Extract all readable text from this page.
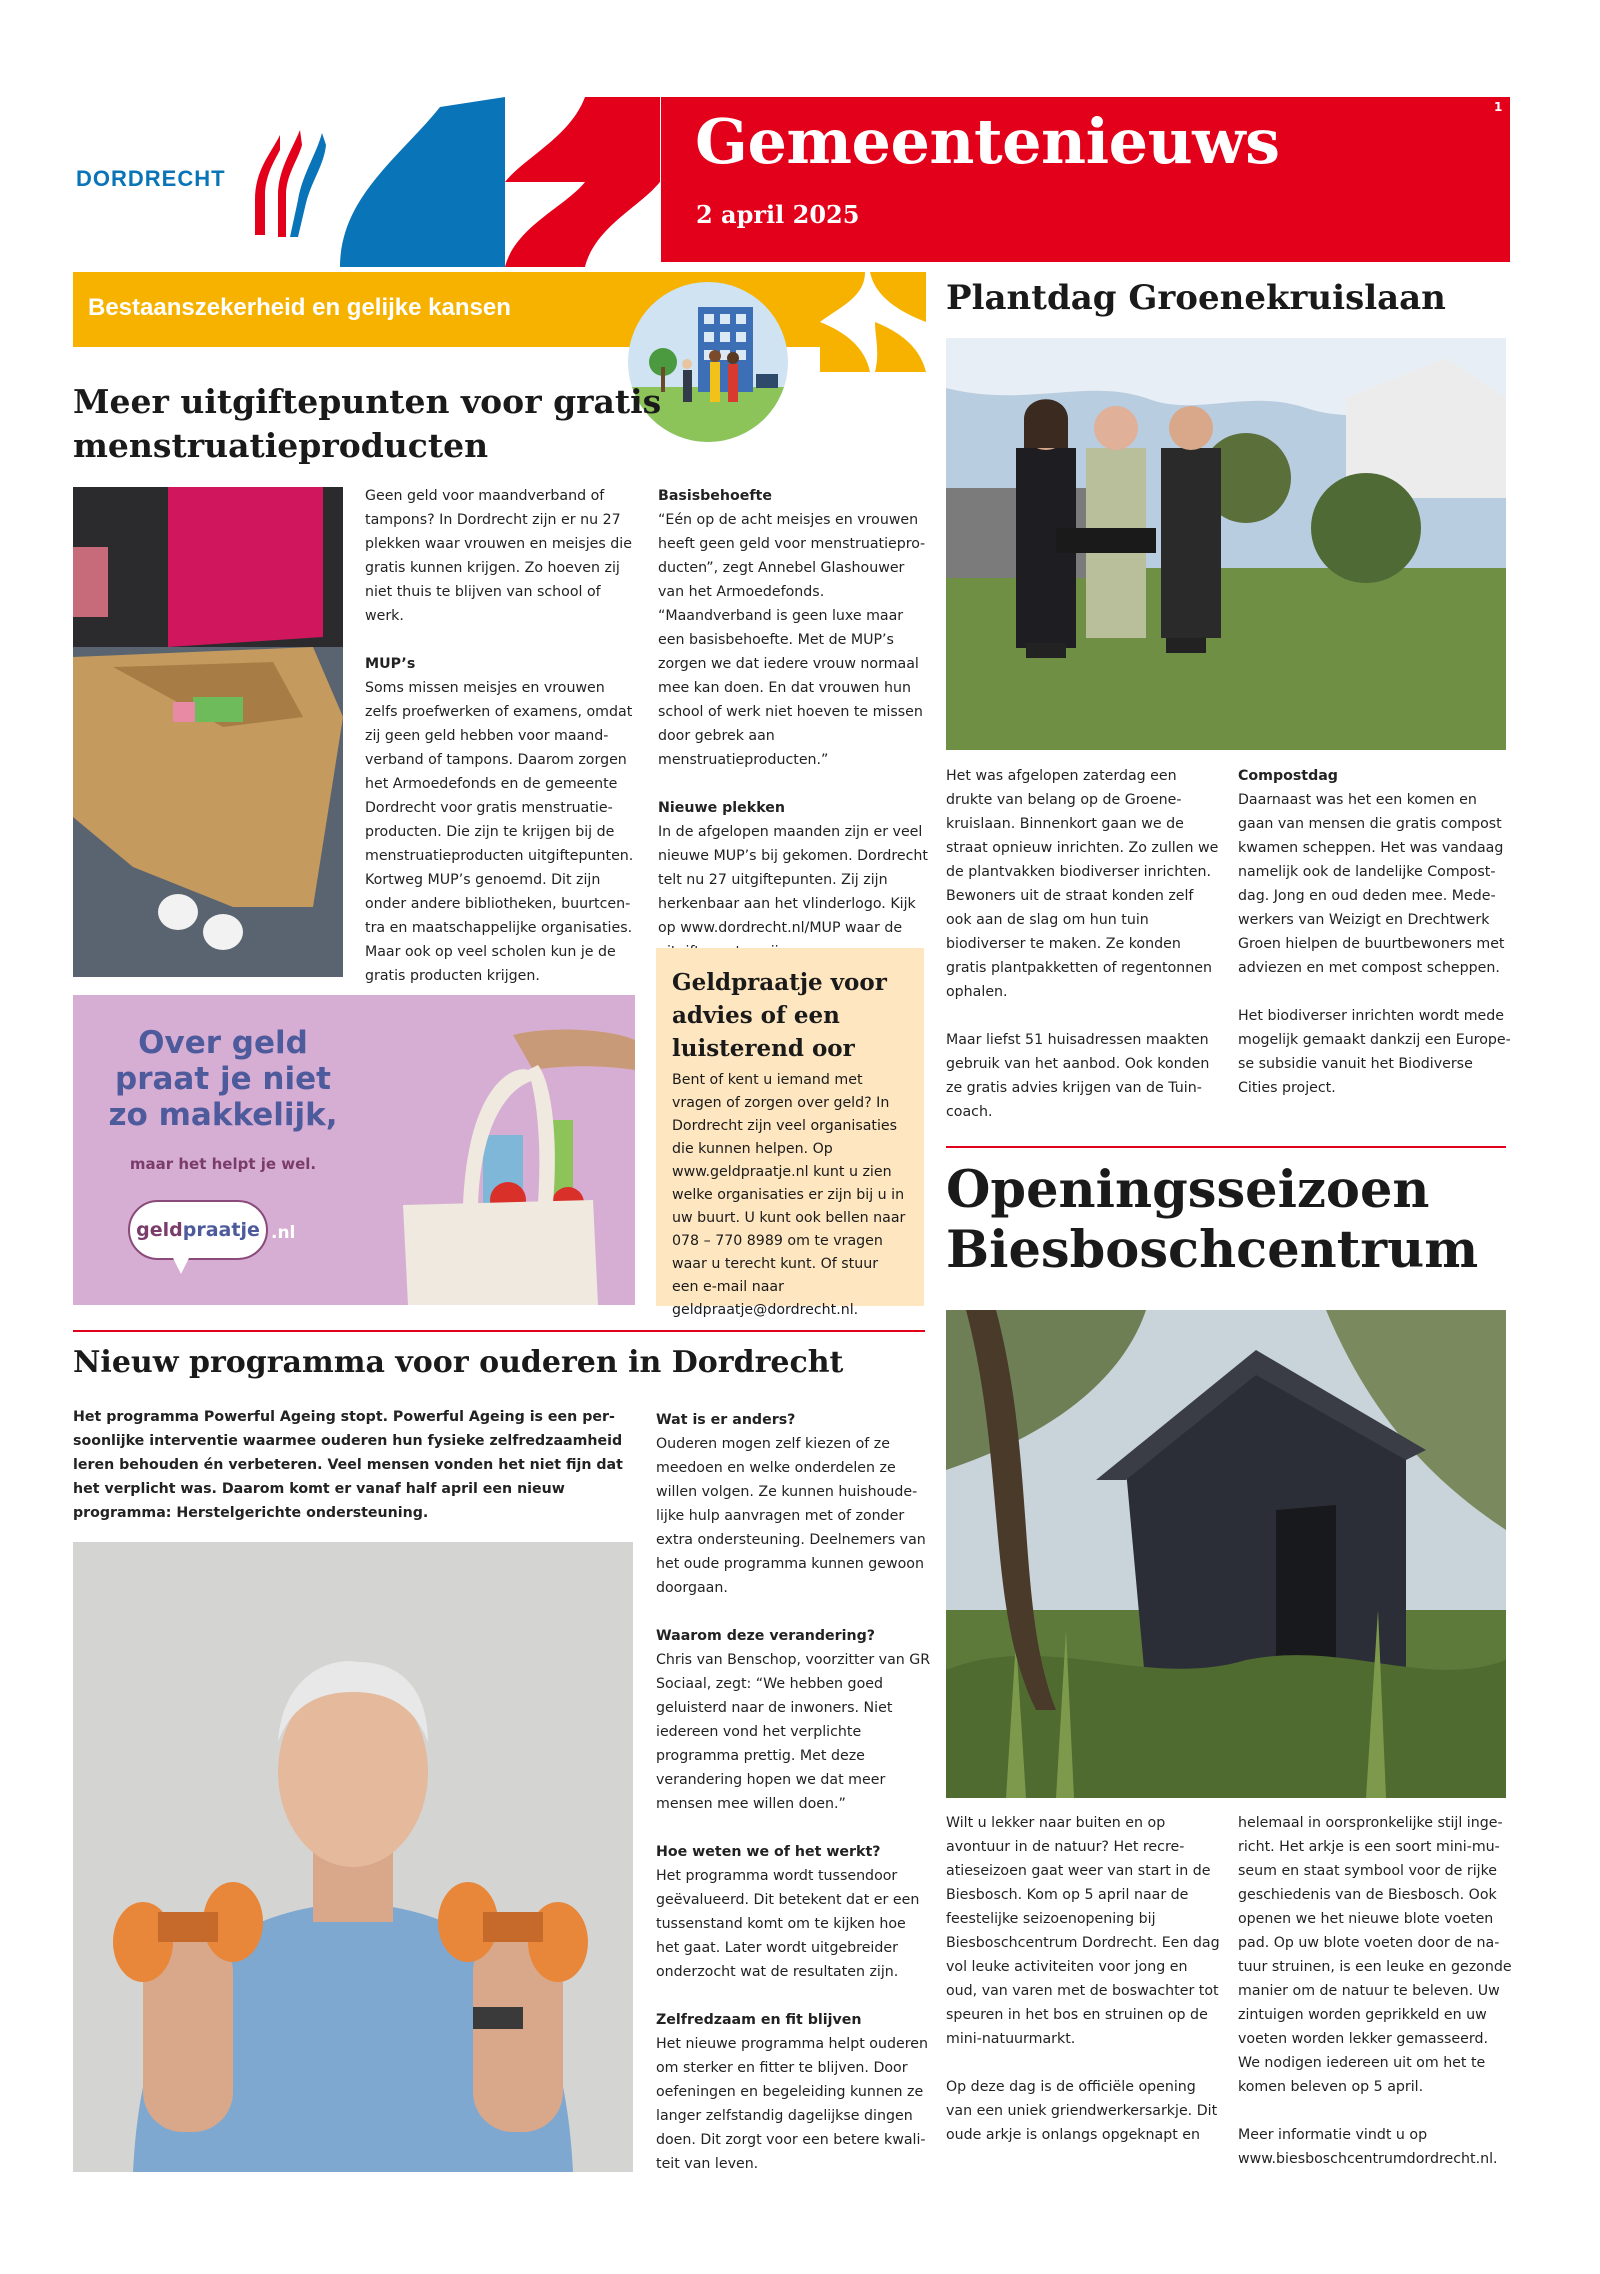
DORDRECHT
Gemeentenieuws
2 april 2025
1
Bestaanszekerheid en gelijke kansen
Meer uitgiftepunten voor gratis menstruatieproducten

Geen geld voor maandverband of tampons? In Dordrecht zijn er nu 27 plekken waar vrouwen en meisjes die gratis kunnen krijgen. Zo hoeven zij niet thuis te blijven van school of werk.

MUP’s
Soms missen meisjes en vrouwen zelfs proefwerken of examens, omdat zij geen geld hebben voor maandverband of tampons. Daarom zorgen het Armoedefonds en de gemeente Dordrecht voor gratis menstruatieproducten. Die zijn te krijgen bij de menstruatieproducten uitgiftepunten. Kortweg MUP’s genoemd. Dit zijn onder andere bibliotheken, buurtcentra en maatschappelijke organisaties. Maar ook op veel scholen kun je de gratis producten krijgen.
Basisbehoefte
“Eén op de acht meisjes en vrouwen heeft geen geld voor menstruatieproducten”, zegt Annebel Glashouwer van het Armoedefonds. “Maandverband is geen luxe maar een basisbehoefte. Met de MUP’s zorgen we dat iedere vrouw normaal mee kan doen. En dat vrouwen hun school of werk niet hoeven te missen door gebrek aan menstruatieproducten.”
Nieuwe plekken
In de afgelopen maanden zijn er veel nieuwe MUP’s bij gekomen. Dordrecht telt nu 27 uitgiftepunten. Zij zijn herkenbaar aan het vlinderlogo. Kijk op www.dordrecht.nl/MUP waar de
Over geld praat je niet zo makkelijk,
maar het helpt je wel.
geldpraatje .nl
Geldpraatje voor advies of een luisterend oor

Bent of kent u iemand met vragen of zorgen over geld? In Dordrecht zijn veel organisaties die kunnen helpen. Op www.geldpraatje.nl kunt u zien welke organisaties er zijn bij u in uw buurt. U kunt ook bellen naar 078 – 770 8989 om te vragen waar u terecht kunt. Of stuur een e-mail naar geldpraatje@dordrecht.nl.

Nieuw programma voor ouderen in Dordrecht

Het programma Powerful Ageing stopt. Powerful Ageing is een persoonlijke interventie waarmee ouderen hun fysieke zelfredzaamheid leren behouden én verbeteren. Veel mensen vonden het niet fijn dat het verplicht was. Daarom komt er vanaf half april een nieuw programma: Herstelgerichte ondersteuning.

Wat is er anders?
Ouderen mogen zelf kiezen of ze meedoen en welke onderdelen ze willen volgen. Ze kunnen huishoudelijke hulp aanvragen met of zonder extra ondersteuning. Deelnemers van het oude programma kunnen gewoon doorgaan.
Waarom deze verandering?
Chris van Benschop, voorzitter van GR Sociaal, zegt: “We hebben goed geluisterd naar de inwoners. Niet iedereen vond het verplichte programma prettig. Met deze verandering hopen we dat meer mensen mee willen doen.”
Hoe weten we of het werkt?
Het programma wordt tussendoor geëvalueerd. Dit betekent dat er een tussenstand komt om te kijken hoe het gaat. Later wordt uitgebreider onderzocht wat de resultaten zijn.
Zelfredzaam en fit blijven
Het nieuwe programma helpt ouderen om sterker en fitter te blijven. Door oefeningen en begeleiding kunnen ze langer zelfstandig dagelijkse dingen doen. Dit zorgt voor een betere kwaliteit van leven.
Plantdag Groenekruislaan

Het was afgelopen zaterdag een drukte van belang op de Groenekruislaan. Binnenkort gaan we de straat opnieuw inrichten. Zo zullen we de plantvakken biodiverser inrichten. Bewoners uit de straat konden zelf ook aan de slag om hun tuin biodiverser te maken. Ze konden gratis plantpakketten of regentonnen ophalen.

Maar liefst 51 huisadressen maakten gebruik van het aanbod. Ook konden ze gratis advies krijgen van de Tuincoach.

Compostdag
Daarnaast was het een komen en gaan van mensen die gratis compost kwamen scheppen. Het was vandaag namelijk ook de landelijke Compostdag. Jong en oud deden mee. Medewerkers van Weizigt en Drechtwerk Groen hielpen de buurtbewoners met adviezen en met compost scheppen.

Het biodiverser inrichten wordt mede mogelijk gemaakt dankzij een Europese subsidie vanuit het Biodiverse Cities project.

Openingsseizoen Biesboschcentrum

Wilt u lekker naar buiten en op avontuur in de natuur? Het recreatieseizoen gaat weer van start in de Biesbosch. Kom op 5 april naar de feestelijke seizoenopening bij Biesboschcentrum Dordrecht. Een dag vol leuke activiteiten voor jong en oud, van varen met de boswachter tot speuren in het bos en struinen op de mini-natuurmarkt.

Op deze dag is de officiële opening van een uniek griendwerkersarkje. Dit oude arkje is onlangs opgeknapt en

helemaal in oorspronkelijke stijl ingericht. Het arkje is een soort mini-museum en staat symbool voor de rijke geschiedenis van de Biesbosch. Ook openen we het nieuwe blote voeten pad. Op uw blote voeten door de natuur struinen, is een leuke en gezonde manier om de natuur te beleven. Uw zintuigen worden geprikkeld en uw voeten worden lekker gemasseerd. We nodigen iedereen uit om het te komen beleven op 5 april.

Meer informatie vindt u op www.biesboschcentrumdordrecht.nl.
